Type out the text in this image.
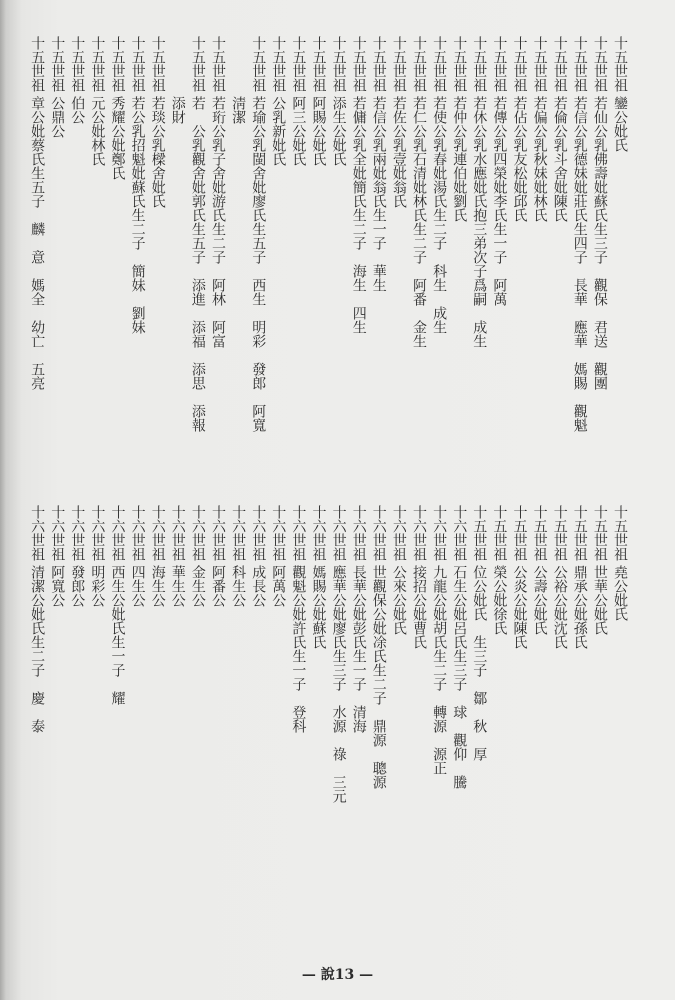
十五世祖
鑾公妣氏
十五世祖
若仙公乳佛壽妣蘇氏生三子　觀保　君送　觀團
十五世祖
若信公乳德妹妣莊氏生四子　長華　應華　媽賜　觀魁
十五世祖
若倫公乳斗舍妣陳氏
十五世祖
若偏公乳秋妹妣林氏
十五世祖
若佔公乳友松妣邱氏
十五世祖
若傳公乳四榮妣李氏生一子　阿萬
十五世祖
若休公乳水應妣氏抱三弟次子爲嗣　成生
十五世祖
若仲公乳連伯妣劉氏
十五世祖
若使公乳春妣湯氏生二子　科生　成生
十五世祖
若仁公乳石清妣林氏生二子　阿番　金生
十五世祖
若佐公乳壹妣翁氏
十五世祖
若信公乳兩妣翁氏生一子　華生
十五世祖
若傭公乳全妣簡氏生二子　海生　四生
十五世祖
添生公妣氏
十五世祖
阿賜公妣氏
十五世祖
阿三公妣氏
十五世祖
公乳新妣氏
十五世祖
若瑜公乳閩舍妣廖氏生五子　西生　明彩　發郎　阿寬
淸潔
十五世祖
若珩公乳子舍妣游氏生二子　阿林　阿富
十五世祖
若　公乳觀舍妣郭氏生五子　添進　添福　添思　添報
添財
十五世祖
若琰公乳樑舍妣氏
十五世祖
若公乳招魁妣蘇氏生二子　簡妹　劉妹
十五世祖
秀耀公妣鄭氏
十五世祖
元公妣林氏
十五世祖
伯公
十五世祖
公鼎公
十五世祖
章公妣蔡氏生五子　麟　意　媽全　幼亡　五亮
十五世祖
堯公妣氏
十五世祖
世華公妣氏
十五世祖
鼎承公妣孫氏
十五世祖
公裕公妣沈氏
十五世祖
公壽公妣氏
十五世祖
公炎公妣陳氏
十五世祖
榮公妣徐氏
十五世祖
位公妣氏　生三子　鄒　秋　厚
十六世祖
石生公妣呂氏生三子　球　觀仰　騰
十六世祖
九龍公妣胡氏生二子　轉源　源正
十六世祖
接招公妣曹氏
十六世祖
公來公妣氏
十六世祖
世觀保公妣凃氏生二子　鼎源　聰源
十六世祖
長華公妣彭氏生一子　清海
十六世祖
應華公妣廖氏生三子　水源　祿　三元
十六世祖
媽賜公妣蘇氏
十六世祖
觀魁公妣許氏生一子　登科
十六世祖
阿萬公
十六世祖
成長公
十六世祖
科生公
十六世祖
阿番公
十六世祖
金生公
十六世祖
華生公
十六世祖
海生公
十六世祖
四生公
十六世祖
西生公妣氏生一子　耀
十六世祖
明彩公
十六世祖
發郎公
十六世祖
阿寬公
十六世祖
清潔公妣氏生二子　慶　泰
— 說13 —
